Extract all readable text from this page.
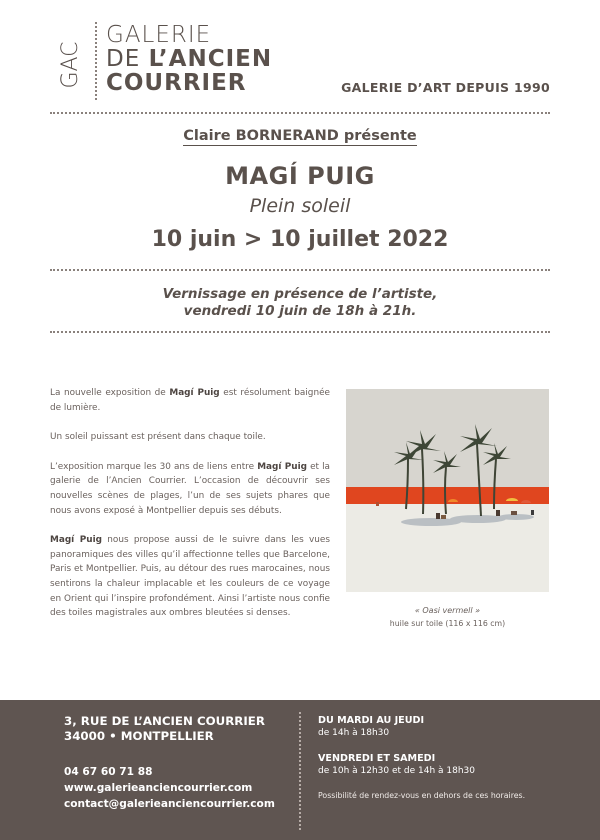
GAC
GALERIE
DE L’ANCIEN
COURRIER	GALERIE D’ART DEPUIS 1990
Claire BORNERAND présente
MAGÍ PUIG
Plein soleil
10 juin > 10 juillet 2022
Vernissage en présence de l’artiste,
vendredi 10 juin de 18h à 21h.

La nouvelle exposition de Magí Puig est résolument baignée de lumière.

Un soleil puissant est présent dans chaque toile.

L’exposition marque les 30 ans de liens entre Magí Puig et la galerie de l’Ancien Courrier. L’occasion de découvrir ses nouvelles scènes de plages, l’un de ses sujets phares que nous avons exposé à Montpellier depuis ses débuts.

Magí Puig nous propose aussi de le suivre dans les vues panoramiques des villes qu’il affectionne telles que Barcelone, Paris et Montpellier. Puis, au détour des rues marocaines, nous sentirons la chaleur implacable et les couleurs de ce voyage en Orient qui l’inspire profondément. Ainsi l’artiste nous confie des toiles magistrales aux ombres bleutées si denses.	« Oasi vermell »
huile sur toile (116 x 116 cm)
3, RUE DE L’ANCIEN COURRIER
34000 • MONTPELLIER
04 67 60 71 88
www.galerieanciencourrier.com
contact@galerieanciencourrier.com
DU MARDI AU JEUDI
de 14h à 18h30
VENDREDI ET SAMEDI
de 10h à 12h30 et de 14h à 18h30
Possibilité de rendez-vous en dehors de ces horaires.
